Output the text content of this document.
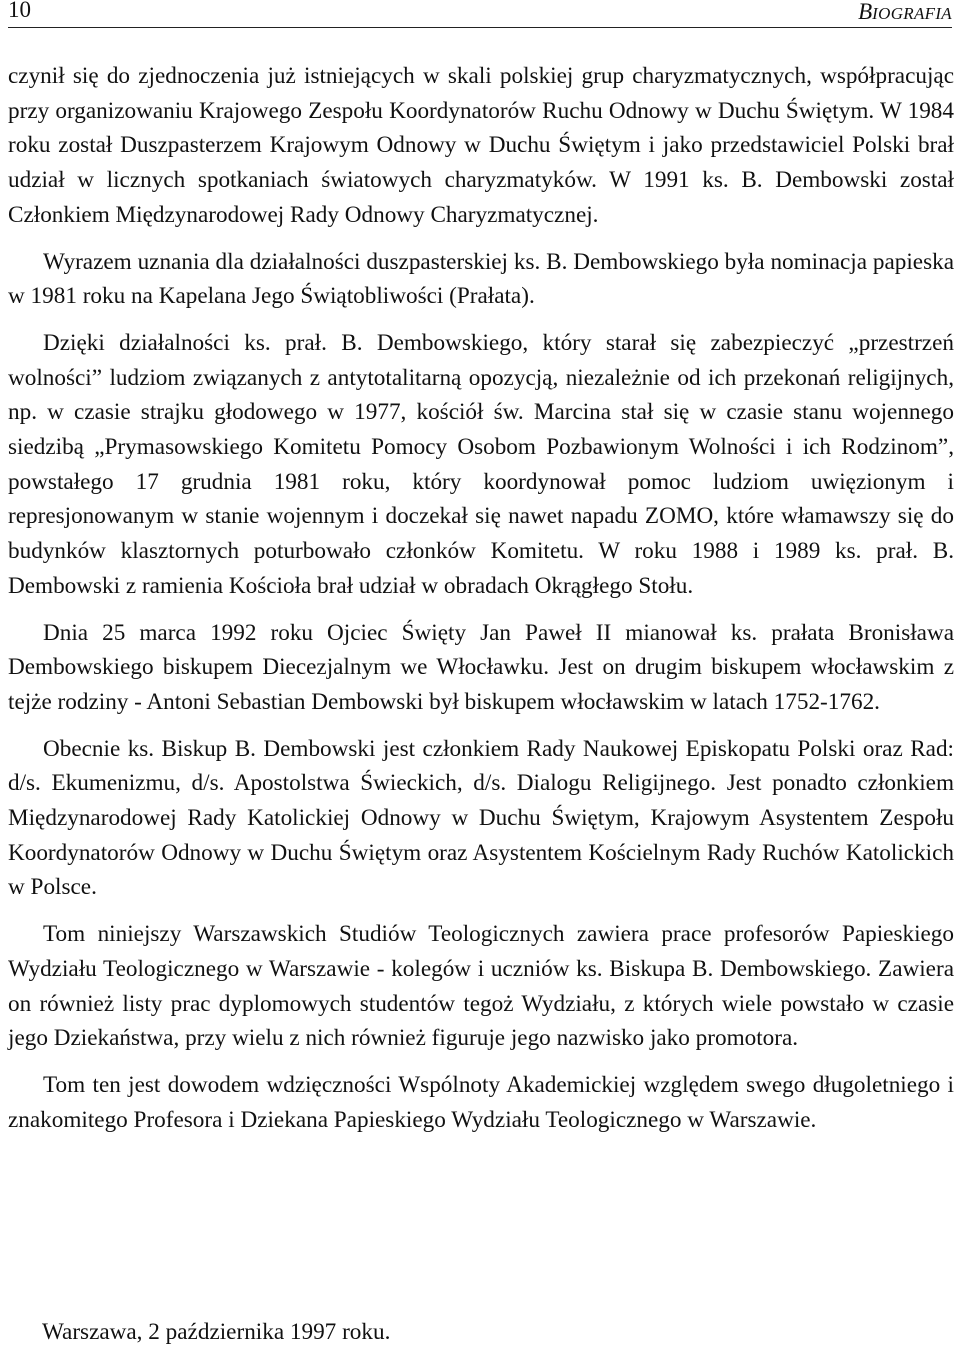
10	BIOGRAFIA

czynił się do zjednoczenia już istniejących w skali polskiej grup charyzmatycznych, współpracując przy organizowaniu Krajowego Zespołu Koordynatorów Ruchu Odnowy w Duchu Świętym. W 1984 roku został Duszpasterzem Krajowym Odnowy w Duchu Świętym i jako przedstawiciel Polski brał udział w licznych spotkaniach światowych charyzmatyków. W 1991 ks. B. Dembowski został Członkiem Międzynarodowej Rady Odnowy Charyzmatycznej.

Wyrazem uznania dla działalności duszpasterskiej ks. B. Dembowskiego była nominacja papieska w 1981 roku na Kapelana Jego Świątobliwości (Prałata).

Dzięki działalności ks. prał. B. Dembowskiego, który starał się zabezpieczyć „przestrzeń wolności” ludziom związanych z antytotalitarną opozycją, niezależnie od ich przekonań religijnych, np. w czasie strajku głodowego w 1977, kościół św. Marcina stał się w czasie stanu wojennego siedzibą „Prymasowskiego Komitetu Pomocy Osobom Pozbawionym Wolności i ich Rodzinom”, powstałego 17 grudnia 1981 roku, który koordynował pomoc ludziom uwięzionym i represjonowanym w stanie wojennym i doczekał się nawet napadu ZOMO, które włamawszy się do budynków klasztornych poturbowało członków Komitetu. W roku 1988 i 1989 ks. prał. B. Dembowski z ramienia Kościoła brał udział w obradach Okrągłego Stołu.

Dnia 25 marca 1992 roku Ojciec Święty Jan Paweł II mianował ks. prałata Bronisława Dembowskiego biskupem Diecezjalnym we Włocławku. Jest on drugim biskupem włocławskim z tejże rodziny - Antoni Sebastian Dembowski był biskupem włocławskim w latach 1752-1762.

Obecnie ks. Biskup B. Dembowski jest członkiem Rady Naukowej Episkopatu Polski oraz Rad: d/s. Ekumenizmu, d/s. Apostolstwa Świeckich, d/s. Dialogu Religijnego. Jest ponadto członkiem Międzynarodowej Rady Katolickiej Odnowy w Duchu Świętym, Krajowym Asystentem Zespołu Koordynatorów Odnowy w Duchu Świętym oraz Asystentem Kościelnym Rady Ruchów Katolickich w Polsce.

Tom niniejszy Warszawskich Studiów Teologicznych zawiera prace profesorów Papieskiego Wydziału Teologicznego w Warszawie - kolegów i uczniów ks. Biskupa B. Dembowskiego. Zawiera on również listy prac dyplomowych studentów tegoż Wydziału, z których wiele powstało w czasie jego Dziekaństwa, przy wielu z nich również figuruje jego nazwisko jako promotora.

Tom ten jest dowodem wdzięczności Wspólnoty Akademickiej względem swego długoletniego i znakomitego Profesora i Dziekana Papieskiego Wydziału Teologicznego w Warszawie.

Warszawa, 2 października 1997 roku.
